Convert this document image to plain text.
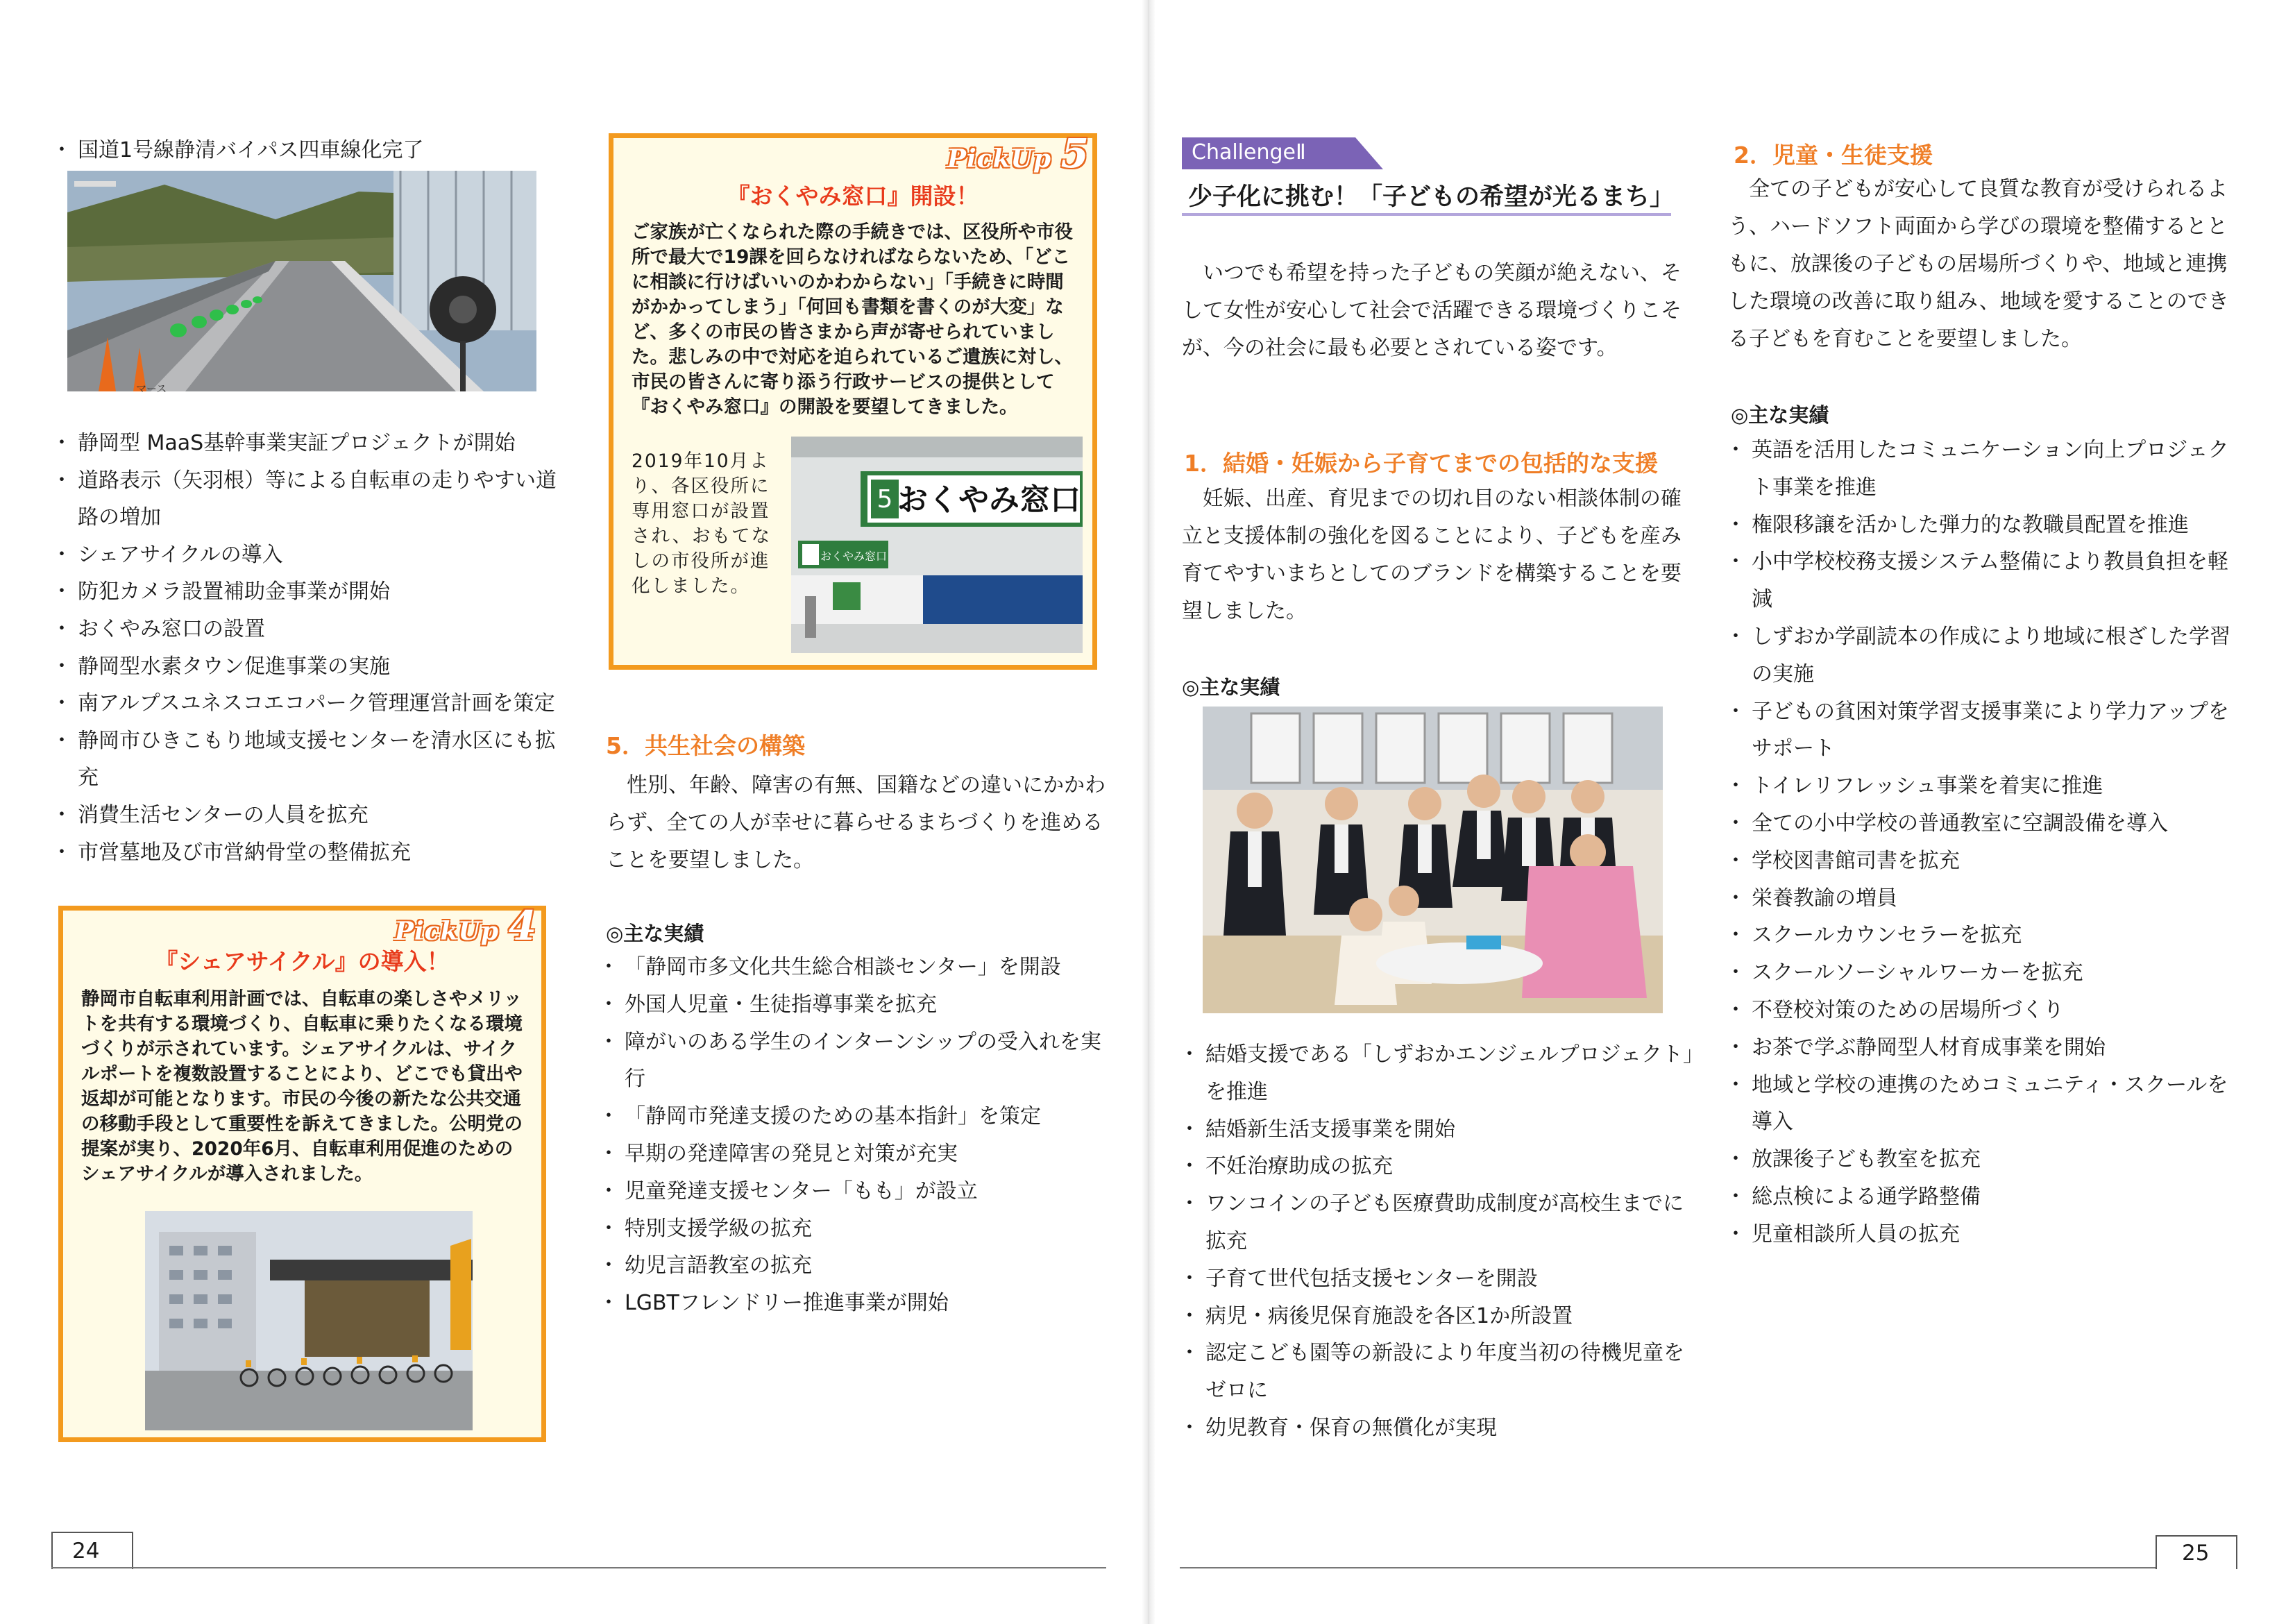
・ 国道1号線静清バイパス四車線化完了
マース
・ 静岡型 MaaS基幹事業実証プロジェクトが開始
・ 道路表示（矢羽根）等による自転車の走りやすい道路の増加
・ シェアサイクルの導入
・ 防犯カメラ設置補助金事業が開始
・ おくやみ窓口の設置
・ 静岡型水素タウン促進事業の実施
・ 南アルプスユネスコエコパーク管理運営計画を策定
・ 静岡市ひきこもり地域支援センターを清水区にも拡充
・ 消費生活センターの人員を拡充
・ 市営墓地及び市営納骨堂の整備拡充
PickUp 4
『シェアサイクル』の導入！
静岡市自転車利用計画では、自転車の楽しさやメリットを共有する環境づくり、自転車に乗りたくなる環境づくりが示されています。シェアサイクルは、サイクルポートを複数設置することにより、どこでも貸出や返却が可能となります。市民の今後の新たな公共交通の移動手段として重要性を訴えてきました。公明党の提案が実り、2020年6月、自転車利用促進のためのシェアサイクルが導入されました。
PickUp 5
『おくやみ窓口』開設！
ご家族が亡くなられた際の手続きでは、区役所や市役所で最大で19課を回らなければならないため、「どこに相談に行けばいいのかわからない」「手続きに時間がかかってしまう」「何回も書類を書くのが大変」など、多くの市民の皆さまから声が寄せられていました。悲しみの中で対応を迫られているご遺族に対し、市民の皆さんに寄り添う行政サービスの提供として『おくやみ窓口』の開設を要望してきました。
2019年10月より、各区役所に専用窓口が設置され、おもてなしの市役所が進化しました。
5 おくやみ窓口
おくやみ窓口
5．共生社会の構築
性別、年齢、障害の有無、国籍などの違いにかかわらず、全ての人が幸せに暮らせるまちづくりを進めることを要望しました。
◎主な実績
・ 「静岡市多文化共生総合相談センター」を開設
・ 外国人児童・生徒指導事業を拡充
・ 障がいのある学生のインターンシップの受入れを実行
・ 「静岡市発達支援のための基本指針」を策定
・ 早期の発達障害の発見と対策が充実
・ 児童発達支援センター「もも」が設立
・ 特別支援学級の拡充
・ 幼児言語教室の拡充
・ LGBTフレンドリー推進事業が開始
24
ChallengeⅡ
少子化に挑む！「子どもの希望が光るまち」
いつでも希望を持った子どもの笑顔が絶えない、そして女性が安心して社会で活躍できる環境づくりこそが、今の社会に最も必要とされている姿です。
1．結婚・妊娠から子育てまでの包括的な支援
妊娠、出産、育児までの切れ目のない相談体制の確立と支援体制の強化を図ることにより、子どもを産み育てやすいまちとしてのブランドを構築することを要望しました。
◎主な実績
・ 結婚支援である「しずおかエンジェルプロジェクト」を推進
・ 結婚新生活支援事業を開始
・ 不妊治療助成の拡充
・ ワンコインの子ども医療費助成制度が高校生までに拡充
・ 子育て世代包括支援センターを開設
・ 病児・病後児保育施設を各区1か所設置
・ 認定こども園等の新設により年度当初の待機児童をゼロに
・ 幼児教育・保育の無償化が実現
2．児童・生徒支援
全ての子どもが安心して良質な教育が受けられるよう、ハードソフト両面から学びの環境を整備するとともに、放課後の子どもの居場所づくりや、地域と連携した環境の改善に取り組み、地域を愛することのできる子どもを育むことを要望しました。
◎主な実績
・ 英語を活用したコミュニケーション向上プロジェクト事業を推進
・ 権限移譲を活かした弾力的な教職員配置を推進
・ 小中学校校務支援システム整備により教員負担を軽減
・ しずおか学副読本の作成により地域に根ざした学習の実施
・ 子どもの貧困対策学習支援事業により学力アップをサポート
・ トイレリフレッシュ事業を着実に推進
・ 全ての小中学校の普通教室に空調設備を導入
・ 学校図書館司書を拡充
・ 栄養教諭の増員
・ スクールカウンセラーを拡充
・ スクールソーシャルワーカーを拡充
・ 不登校対策のための居場所づくり
・ お茶で学ぶ静岡型人材育成事業を開始
・ 地域と学校の連携のためコミュニティ・スクールを導入
・ 放課後子ども教室を拡充
・ 総点検による通学路整備
・ 児童相談所人員の拡充
25
